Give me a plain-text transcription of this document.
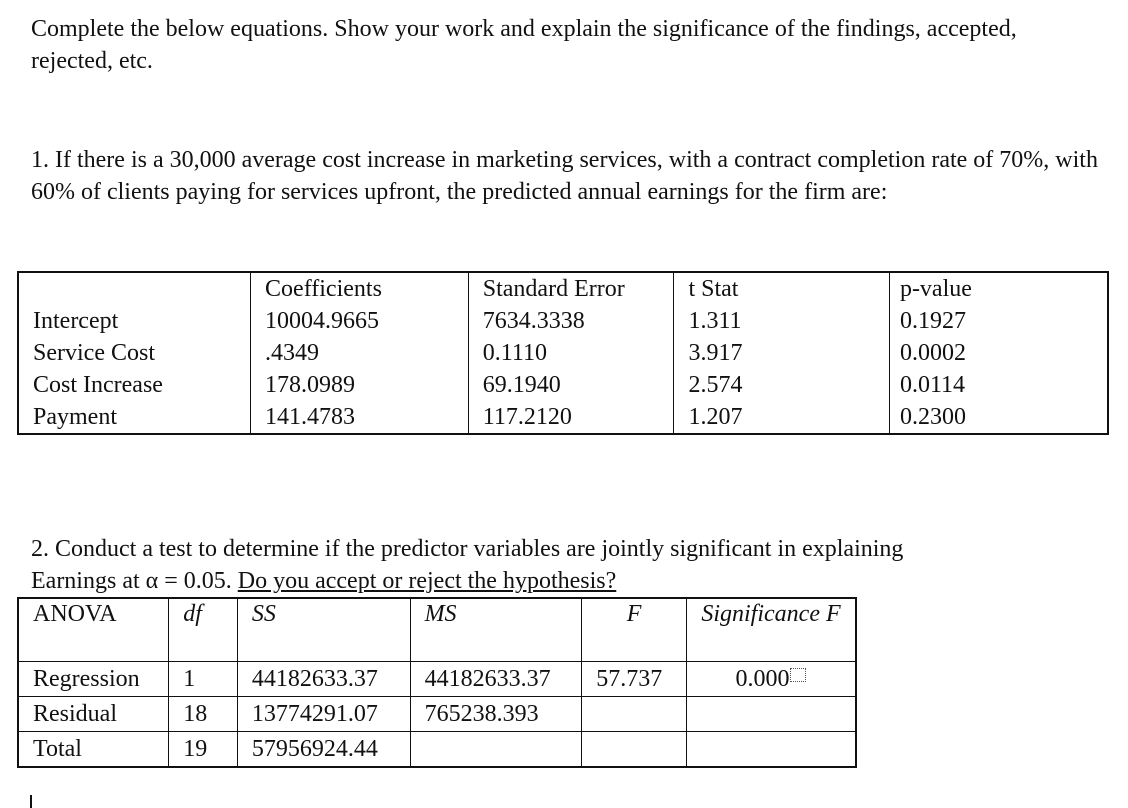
Complete the below equations. Show your work and explain the significance of the findings, accepted, rejected, etc.

1. If there is a 30,000 average cost increase in marketing services, with a contract completion rate of 70%, with 60% of clients paying for services upfront, the predicted annual earnings for the firm are:

	Coefficients	Standard Error	t Stat	p-value
Intercept	10004.9665	7634.3338	1.311	0.1927
Service Cost	.4349	0.1110	3.917	0.0002
Cost Increase	178.0989	69.1940	2.574	0.0114
Payment	141.4783	117.2120	1.207	0.2300

2. Conduct a test to determine if the predictor variables are jointly significant in explaining
Earnings at α = 0.05. Do you accept or reject the hypothesis?

ANOVA	df	SS	MS	F	Significance F
Regression	1	44182633.37	44182633.37	57.737	0.000
Residual	18	13774291.07	765238.393		
Total	19	57956924.44			
